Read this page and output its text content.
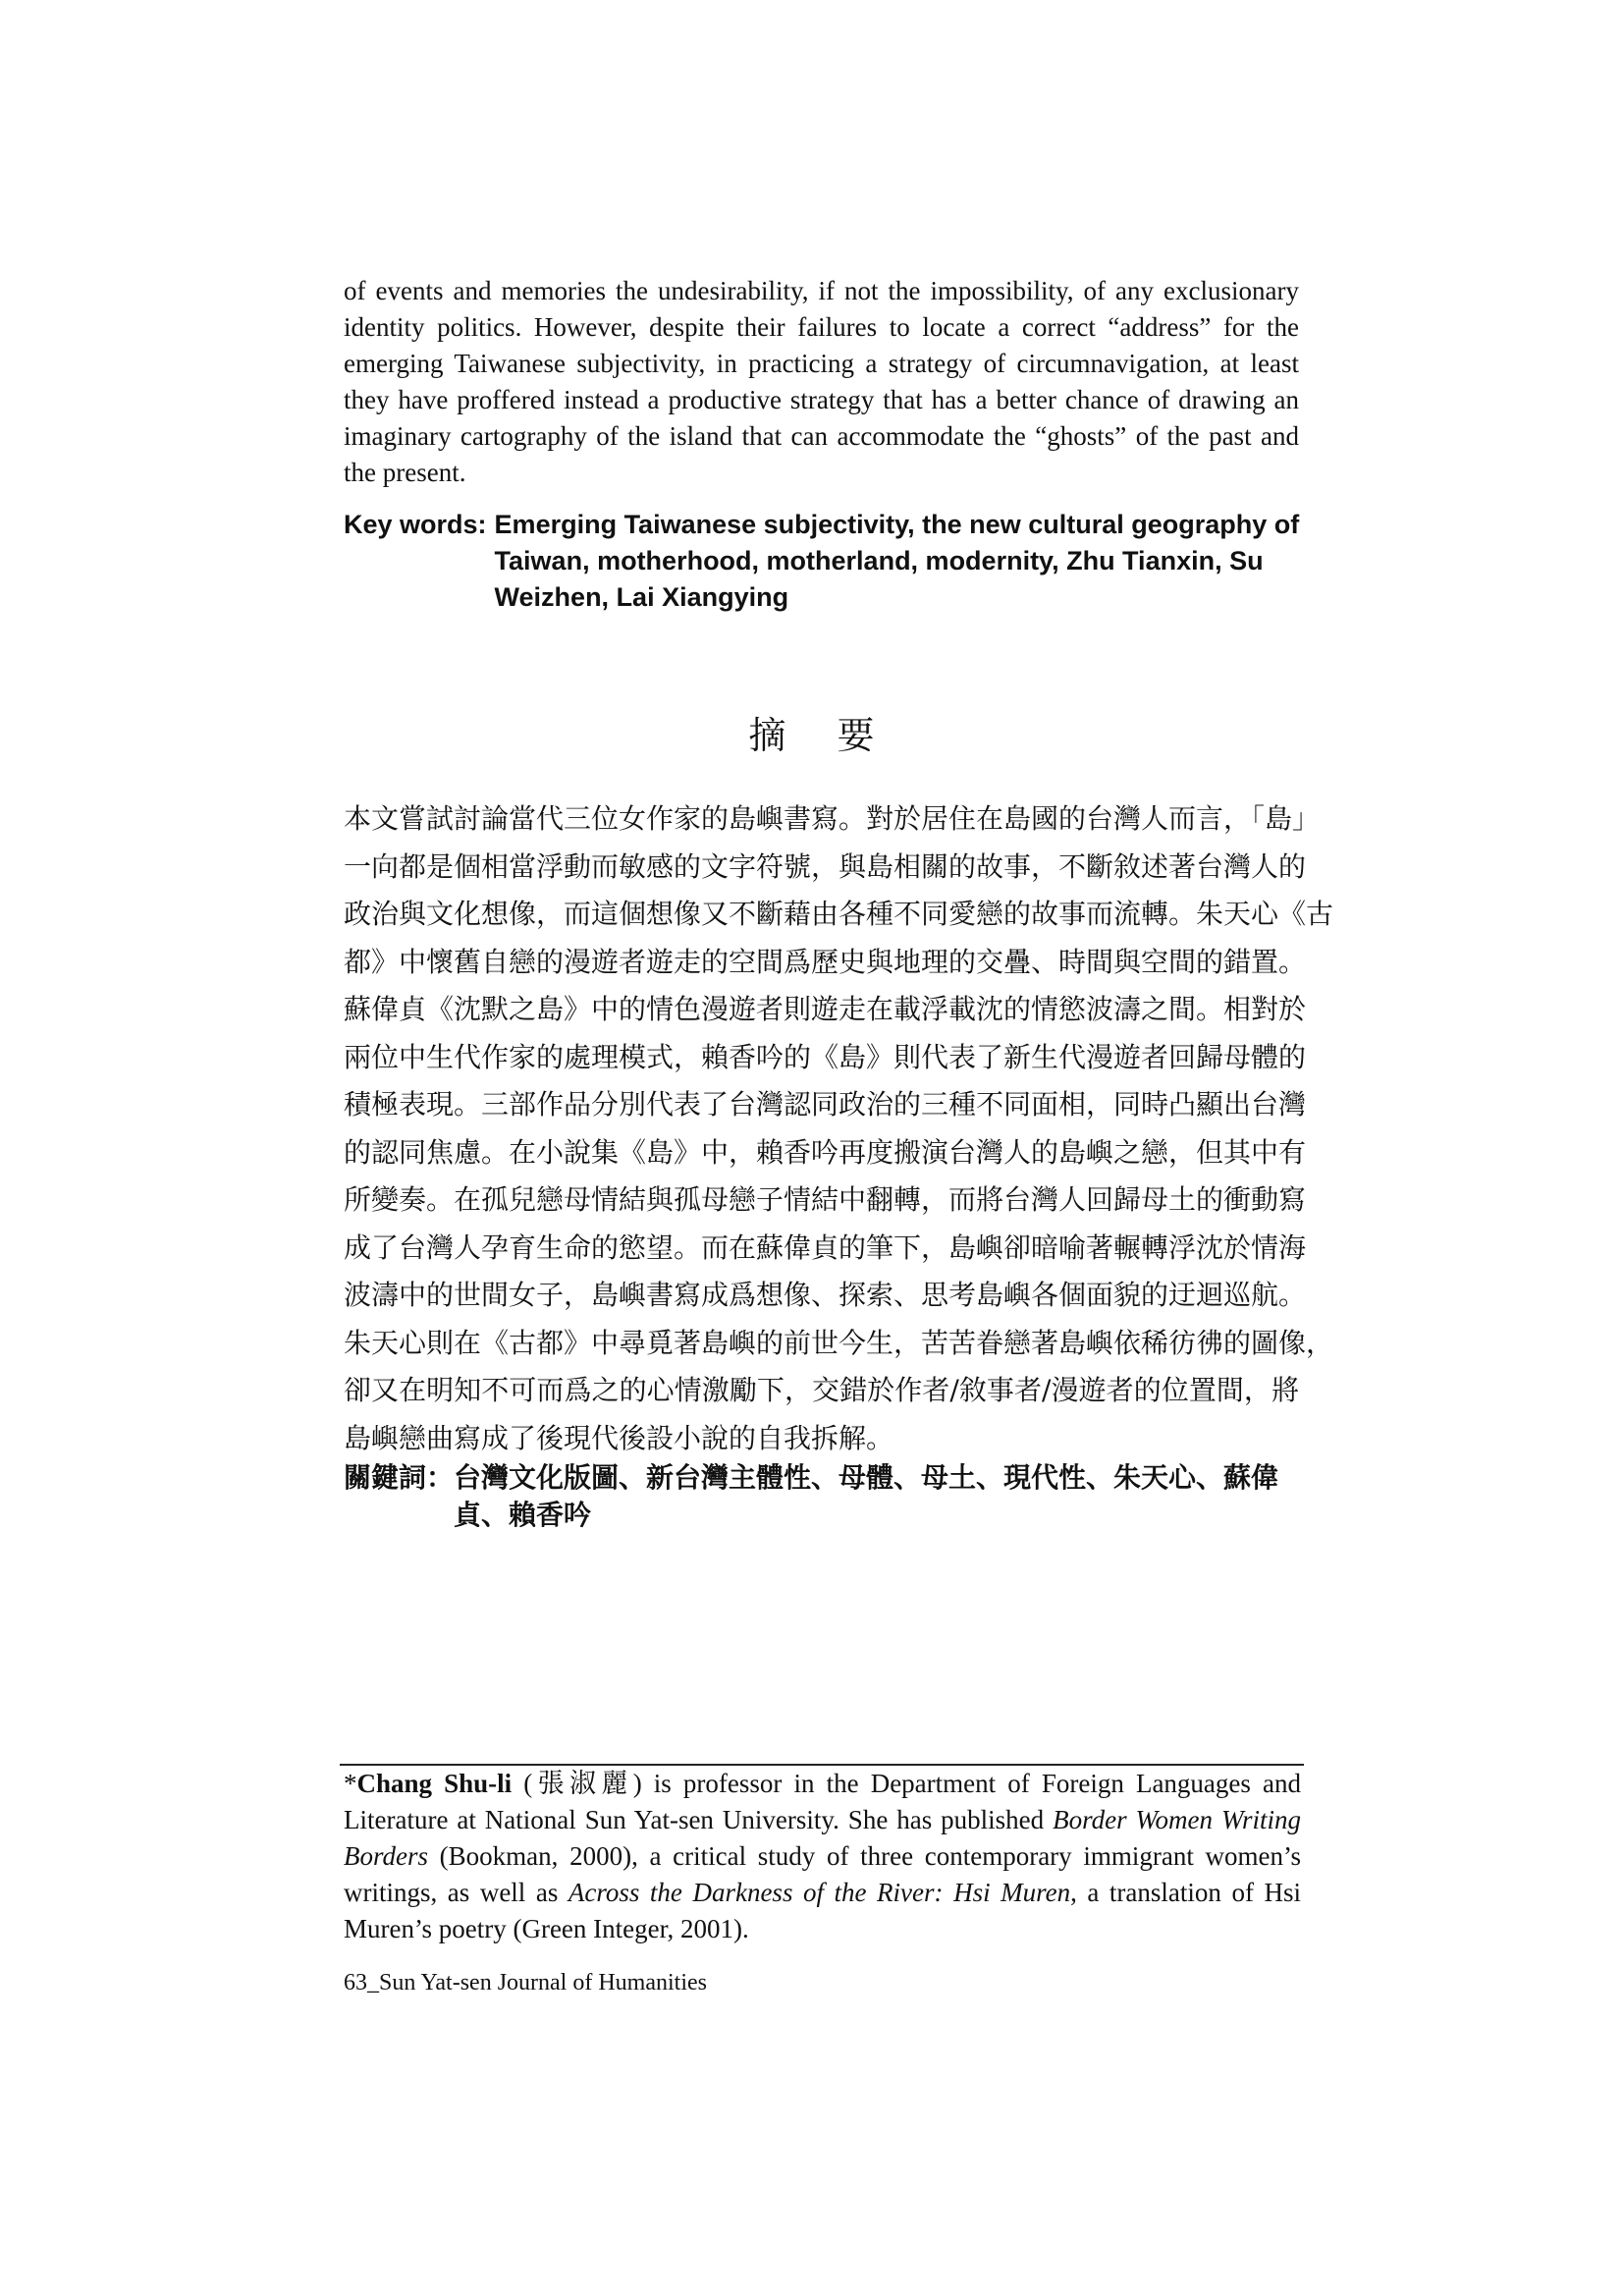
of events and memories the undesirability, if not the impossibility, of any exclusionary identity politics. However, despite their failures to locate a correct “address” for the emerging Taiwanese subjectivity, in practicing a strategy of circumnavigation, at least they have proffered instead a productive strategy that has a better chance of drawing an imaginary cartography of the island that can accommodate the “ghosts” of the past and the present.

Key words: Emerging Taiwanese subjectivity, the new cultural geography of Taiwan, motherhood, motherland, modernity, Zhu Tianxin, Su Weizhen, Lai Xiangying
摘要
本文嘗試討論當代三位女作家的島嶼書寫。對於居住在島國的台灣人而言，「島」
一向都是個相當浮動而敏感的文字符號，與島相關的故事，不斷敘述著台灣人的
政治與文化想像，而這個想像又不斷藉由各種不同愛戀的故事而流轉。朱天心《古
都》中懷舊自戀的漫遊者遊走的空間爲歷史與地理的交疊、時間與空間的錯置。
蘇偉貞《沈默之島》中的情色漫遊者則遊走在載浮載沈的情慾波濤之間。相對於
兩位中生代作家的處理模式，賴香吟的《島》則代表了新生代漫遊者回歸母體的
積極表現。三部作品分別代表了台灣認同政治的三種不同面相，同時凸顯出台灣
的認同焦慮。在小說集《島》中，賴香吟再度搬演台灣人的島嶼之戀，但其中有
所變奏。在孤兒戀母情結與孤母戀子情結中翻轉，而將台灣人回歸母土的衝動寫
成了台灣人孕育生命的慾望。而在蘇偉貞的筆下，島嶼卻暗喻著輾轉浮沈於情海
波濤中的世間女子，島嶼書寫成爲想像、探索、思考島嶼各個面貌的迂迴巡航。
朱天心則在《古都》中尋覓著島嶼的前世今生，苦苦眷戀著島嶼依稀彷彿的圖像，
卻又在明知不可而爲之的心情激勵下，交錯於作者/敘事者/漫遊者的位置間，將
島嶼戀曲寫成了後現代後設小說的自我拆解。
關鍵詞： 台灣文化版圖、新台灣主體性、母體、母土、現代性、朱天心、蘇偉貞、賴香吟

*Chang Shu-li (張淑麗) is professor in the Department of Foreign Languages and Literature at National Sun Yat-sen University. She has published Border Women Writing Borders (Bookman, 2000), a critical study of three contemporary immigrant women’s writings, as well as Across the Darkness of the River: Hsi Muren, a translation of Hsi Muren’s poetry (Green Integer, 2001).

63_Sun Yat-sen Journal of Humanities
